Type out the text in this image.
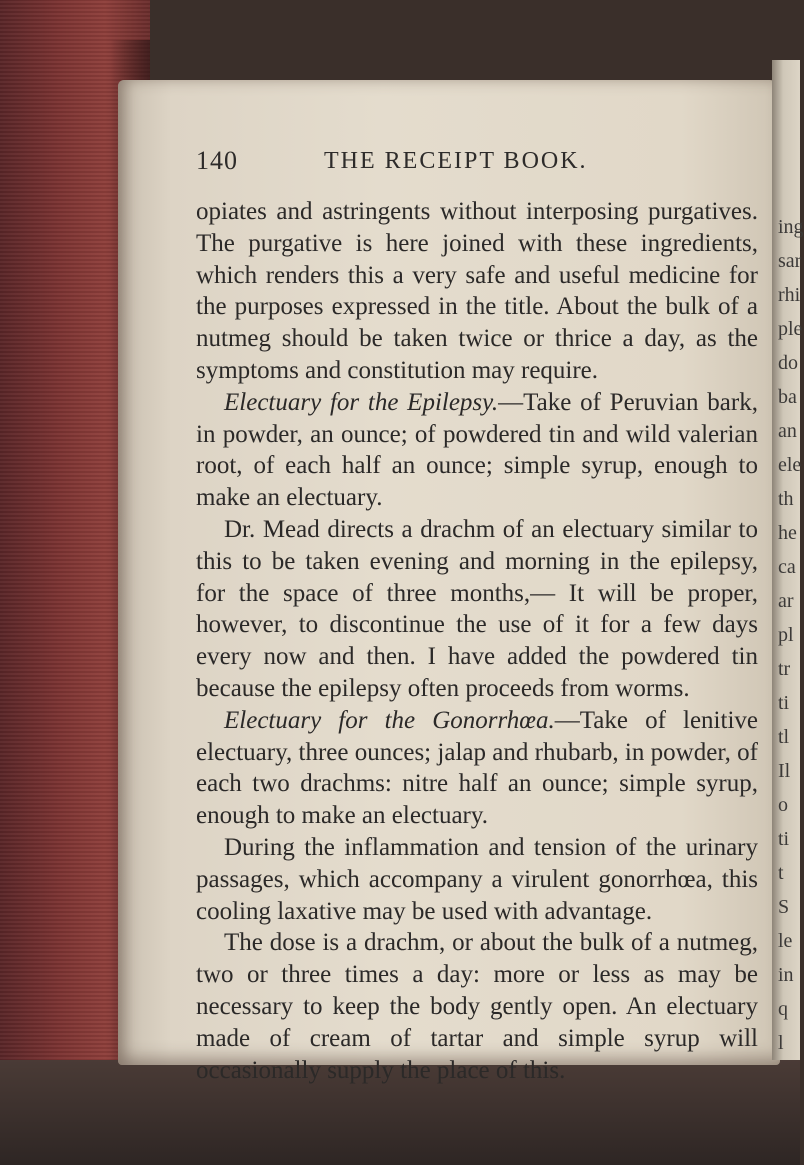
ing
sar
rhi
ple
do
ba
an
ele
th
he
ca
ar
pl
tr
ti
tl
Il
o
ti
t
S
le
in
q
l
140	THE RECEIPT BOOK.

opiates and astringents without interposing purgatives. The purgative is here joined with these ingredients, which renders this a very safe and useful medicine for the purposes expressed in the title. About the bulk of a nutmeg should be taken twice or thrice a day, as the symptoms and constitution may require.

Electuary for the Epilepsy.—Take of Peruvian bark, in powder, an ounce; of powdered tin and wild valerian root, of each half an ounce; simple syrup, enough to make an electuary.

Dr. Mead directs a drachm of an electuary similar to this to be taken evening and morning in the epilepsy, for the space of three months,— It will be proper, however, to discontinue the use of it for a few days every now and then. I have added the powdered tin because the epilepsy often proceeds from worms.

Electuary for the Gonorrhœa.—Take of lenitive electuary, three ounces; jalap and rhubarb, in powder, of each two drachms: nitre half an ounce; simple syrup, enough to make an electuary.

During the inflammation and tension of the urinary passages, which accompany a virulent gonorrhœa, this cooling laxative may be used with advantage.

The dose is a drachm, or about the bulk of a nutmeg, two or three times a day: more or less as may be necessary to keep the body gently open. An electuary made of cream of tartar and simple syrup will occasionally supply the place of this.
